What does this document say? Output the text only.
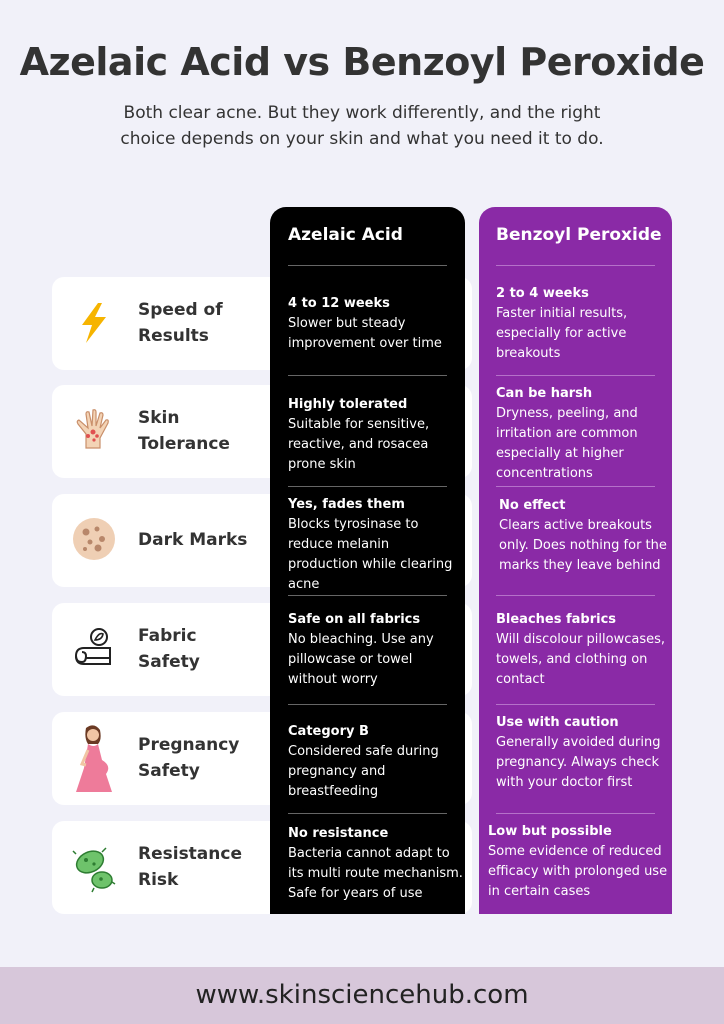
Azelaic Acid vs Benzoyl Peroxide
Both clear acne. But they work differently, and the right choice depends on your skin and what you need it to do.
Speed of Results
Skin Tolerance
Dark Marks
Fabric Safety
Pregnancy Safety
Resistance Risk
Azelaic Acid
4 to 12 weeks
Slower but steady improvement over time
Highly tolerated
Suitable for sensitive, reactive, and rosacea prone skin
Yes, fades them
Blocks tyrosinase to reduce melanin production while clearing acne
Safe on all fabrics
No bleaching. Use any pillowcase or towel without worry
Category B
Considered safe during pregnancy and breastfeeding
No resistance
Bacteria cannot adapt to its multi route mechanism. Safe for years of use
Benzoyl Peroxide
2 to 4 weeks
Faster initial results, especially for active breakouts
Can be harsh
Dryness, peeling, and irritation are common especially at higher concentrations
No effect
Clears active breakouts only. Does nothing for the marks they leave behind
Bleaches fabrics
Will discolour pillowcases, towels, and clothing on contact
Use with caution
Generally avoided during pregnancy. Always check with your doctor first
Low but possible
Some evidence of reduced efficacy with prolonged use in certain cases
www.skinsciencehub.com
